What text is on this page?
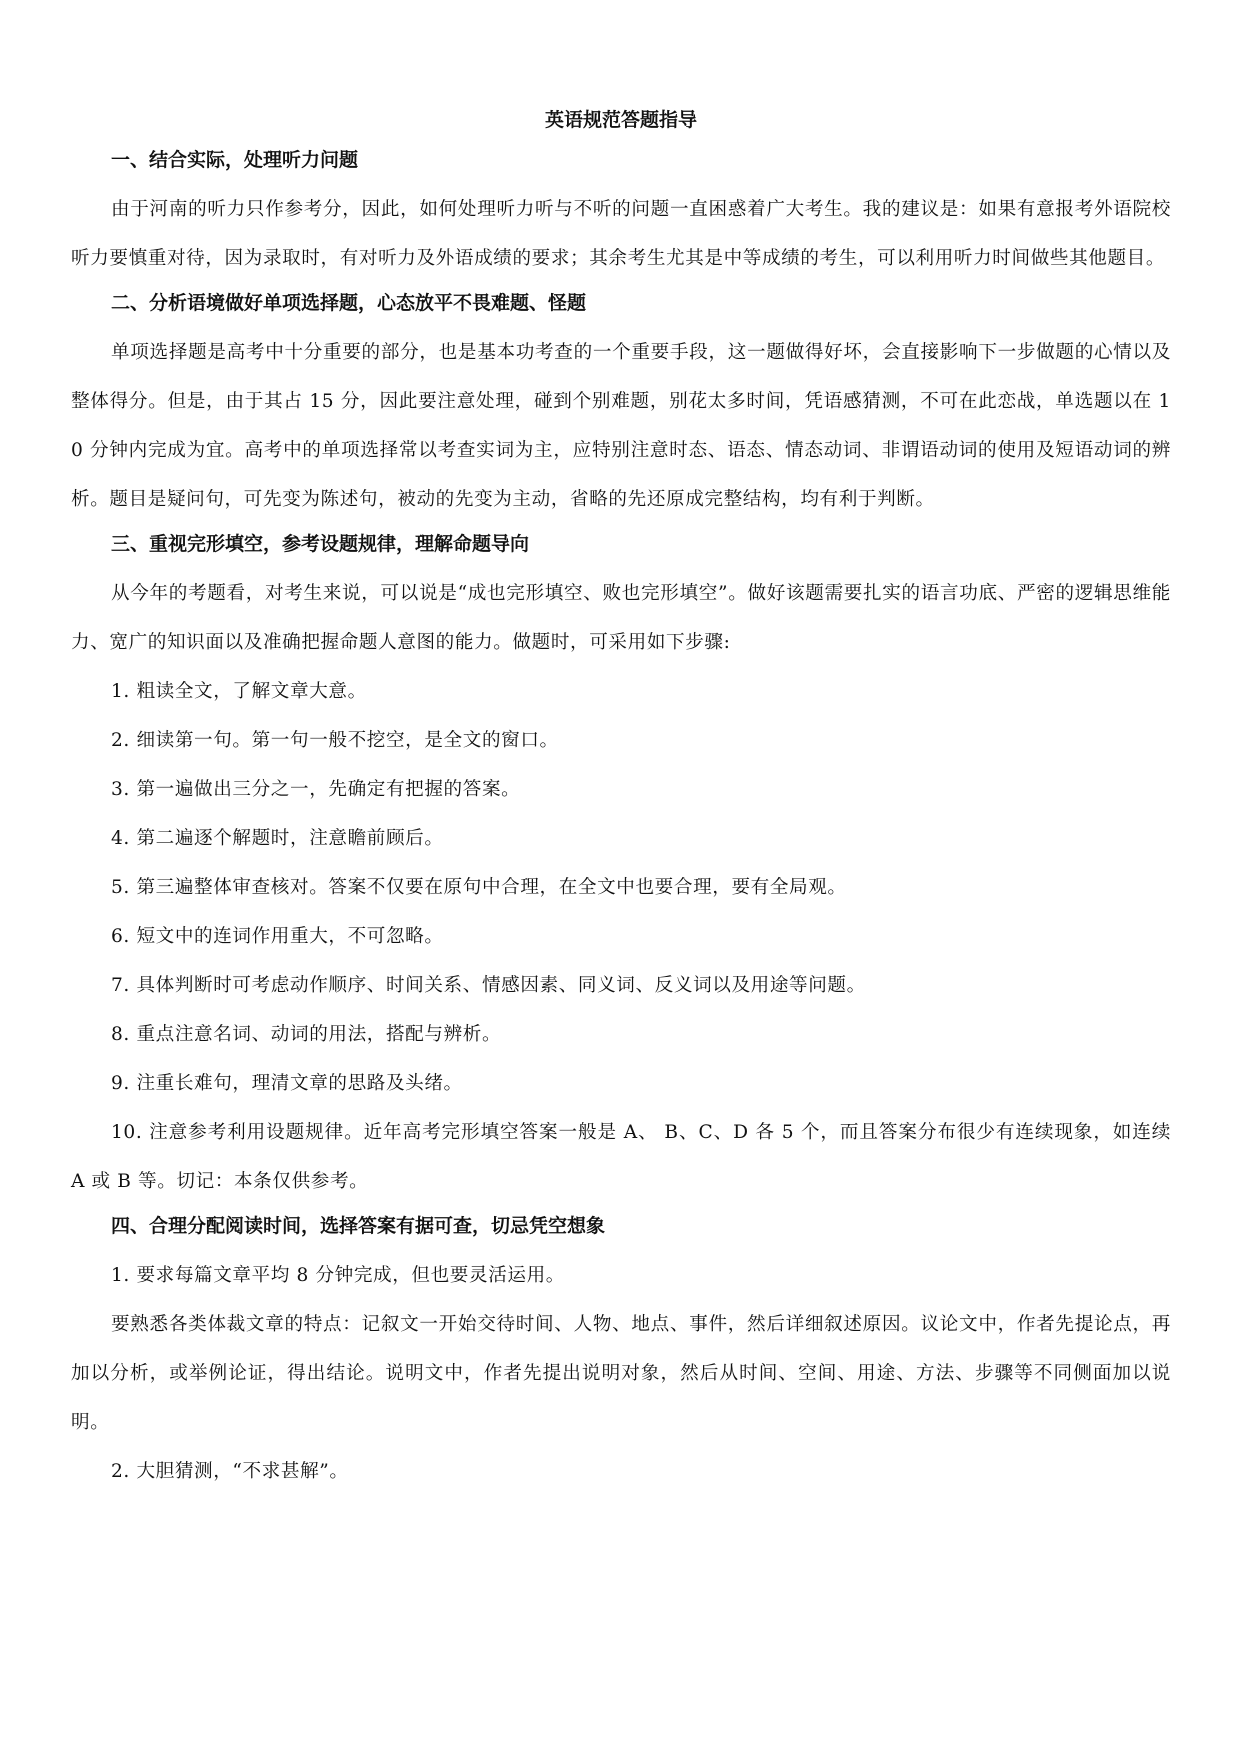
英语规范答题指导
一、结合实际，处理听力问题

由于河南的听力只作参考分，因此，如何处理听力听与不听的问题一直困惑着广大考生。我的建议是：如果有意报考外语院校听力要慎重对待，因为录取时，有对听力及外语成绩的要求；其余考生尤其是中等成绩的考生，可以利用听力时间做些其他题目。

二、分析语境做好单项选择题，心态放平不畏难题、怪题

单项选择题是高考中十分重要的部分，也是基本功考查的一个重要手段，这一题做得好坏，会直接影响下一步做题的心情以及整体得分。但是，由于其占 15 分，因此要注意处理，碰到个别难题，别花太多时间，凭语感猜测，不可在此恋战，单选题以在 10 分钟内完成为宜。高考中的单项选择常以考查实词为主，应特别注意时态、语态、情态动词、非谓语动词的使用及短语动词的辨析。题目是疑问句，可先变为陈述句，被动的先变为主动，省略的先还原成完整结构，均有利于判断。

三、重视完形填空，参考设题规律，理解命题导向

从今年的考题看，对考生来说，可以说是“成也完形填空、败也完形填空”。做好该题需要扎实的语言功底、严密的逻辑思维能力、宽广的知识面以及准确把握命题人意图的能力。做题时，可采用如下步骤:

1. 粗读全文，了解文章大意。

2. 细读第一句。第一句一般不挖空，是全文的窗口。

3. 第一遍做出三分之一，先确定有把握的答案。

4. 第二遍逐个解题时，注意瞻前顾后。

5. 第三遍整体审查核对。答案不仅要在原句中合理，在全文中也要合理，要有全局观。

6. 短文中的连词作用重大，不可忽略。

7. 具体判断时可考虑动作顺序、时间关系、情感因素、同义词、反义词以及用途等问题。

8. 重点注意名词、动词的用法，搭配与辨析。

9. 注重长难句，理清文章的思路及头绪。

10. 注意参考利用设题规律。近年高考完形填空答案一般是 A、 B、C、D 各 5 个，而且答案分布很少有连续现象，如连续 A 或 B 等。切记：本条仅供参考。

四、合理分配阅读时间，选择答案有据可查，切忌凭空想象

1. 要求每篇文章平均 8 分钟完成，但也要灵活运用。

要熟悉各类体裁文章的特点：记叙文一开始交待时间、人物、地点、事件，然后详细叙述原因。议论文中，作者先提论点，再加以分析，或举例论证，得出结论。说明文中，作者先提出说明对象，然后从时间、空间、用途、方法、步骤等不同侧面加以说明。

2. 大胆猜测，“不求甚解”。
